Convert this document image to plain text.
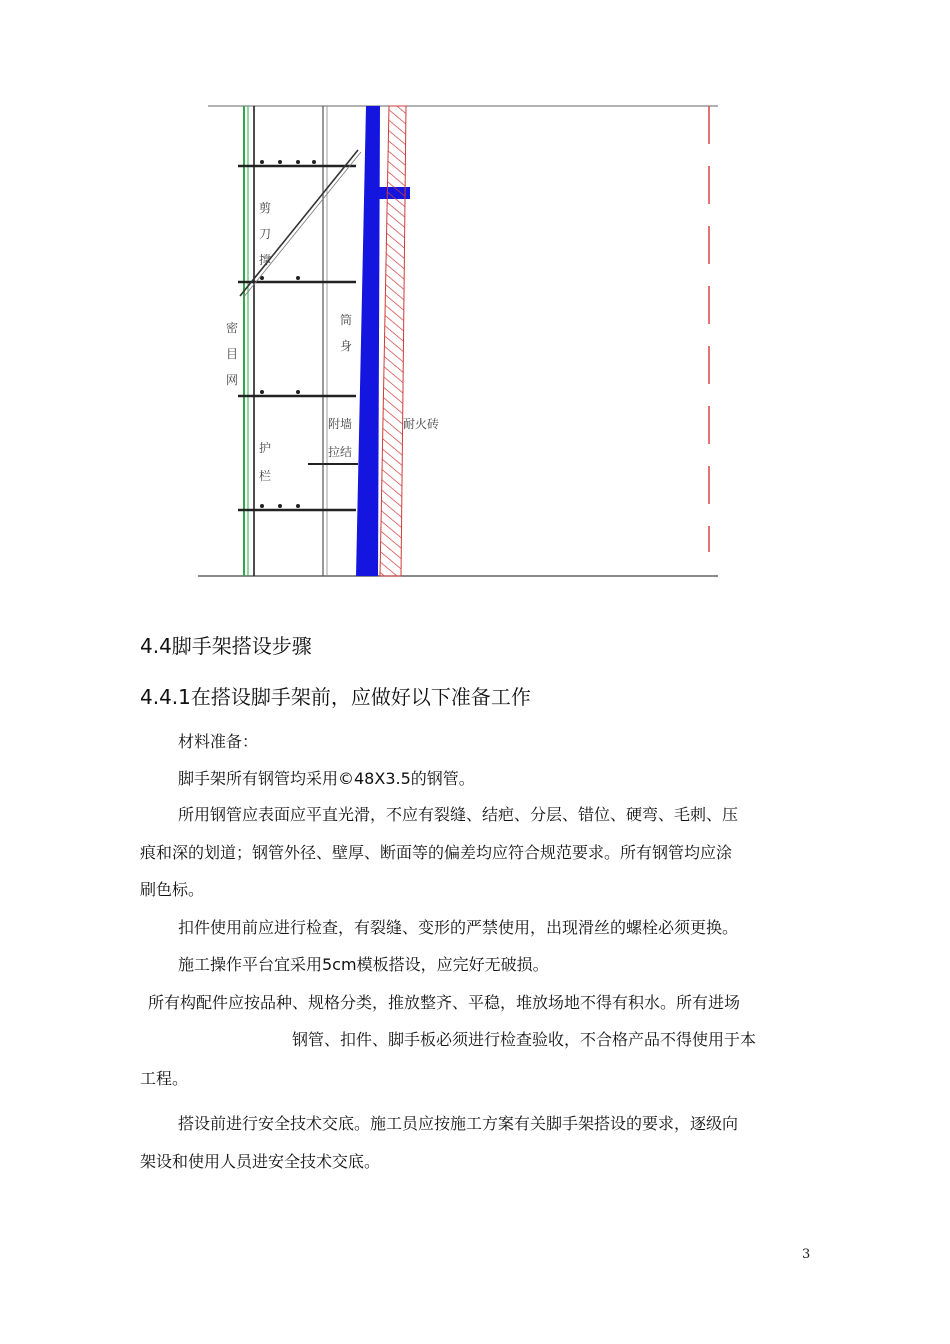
剪
刀
撑
密
目
网
筒
身
附墙
拉结
耐火砖
护
栏
4.4脚手架搭设步骤
4.4.1在搭设脚手架前，应做好以下准备工作
材料准备：
脚手架所有钢管均采用©48X3.5的钢管。
所用钢管应表面应平直光滑，不应有裂缝、结疤、分层、错位、硬弯、毛刺、压
痕和深的划道；钢管外径、壁厚、断面等的偏差均应符合规范要求。所有钢管均应涂
刷色标。
扣件使用前应进行检查，有裂缝、变形的严禁使用，出现滑丝的螺栓必须更换。
施工操作平台宜采用5cm模板搭设，应完好无破损。
所有构配件应按品种、规格分类，推放整齐、平稳，堆放场地不得有积水。所有进场
钢管、扣件、脚手板必须进行检查验收，不合格产品不得使用于本
工程。
搭设前进行安全技术交底。施工员应按施工方案有关脚手架搭设的要求，逐级向
架设和使用人员进安全技术交底。
3
